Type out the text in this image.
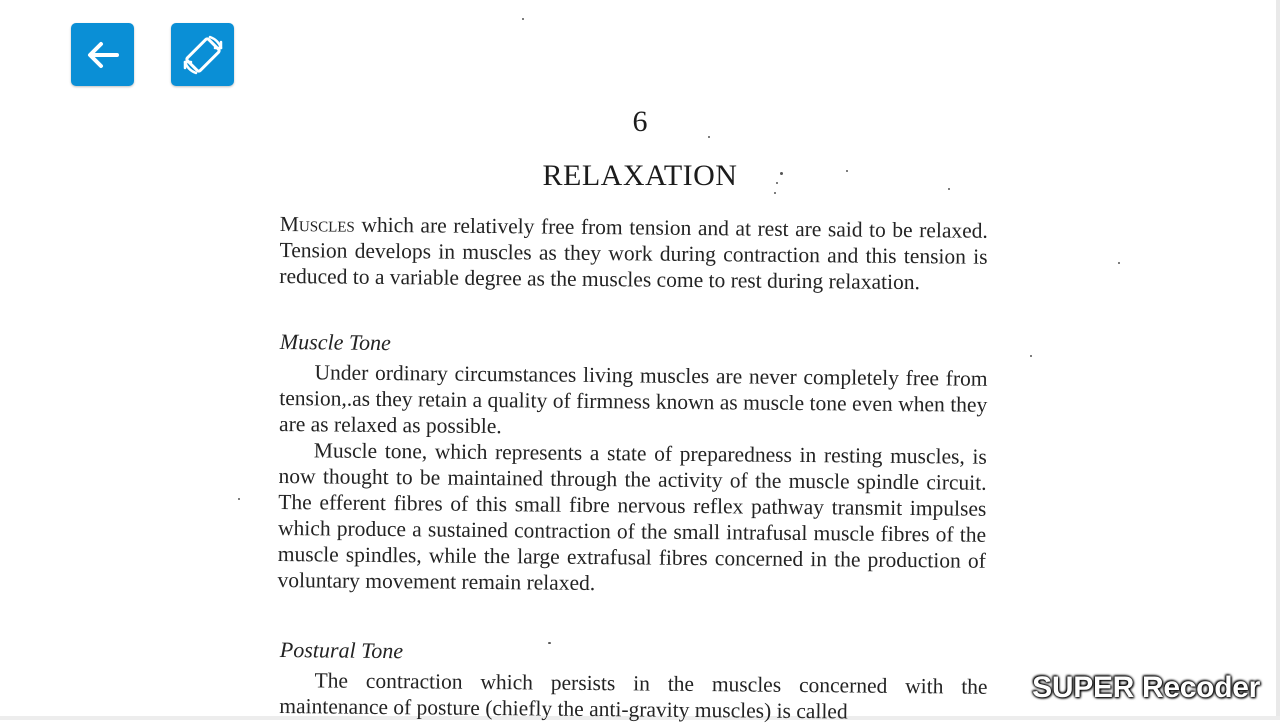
6
RELAXATION

Muscles which are relatively free from tension and at rest are said to be relaxed. Tension develops in muscles as they work during contraction and this tension is reduced to a variable degree as the muscles come to rest during relaxation.

Muscle Tone

Under ordinary circumstances living muscles are never completely free from tension,.as they retain a quality of firmness known as muscle tone even when they are as relaxed as possible.

Muscle tone, which represents a state of preparedness in resting muscles, is now thought to be maintained through the activity of the muscle spindle circuit. The efferent fibres of this small fibre nervous reflex pathway transmit impulses which produce a sustained contraction of the small intrafusal muscle fibres of the muscle spindles, while the large extrafusal fibres concerned in the production of voluntary movement remain relaxed.

Postural Tone

The contraction which persists in the muscles concerned with the maintenance of posture (chiefly the anti-gravity muscles) is called

SUPER Recoder
